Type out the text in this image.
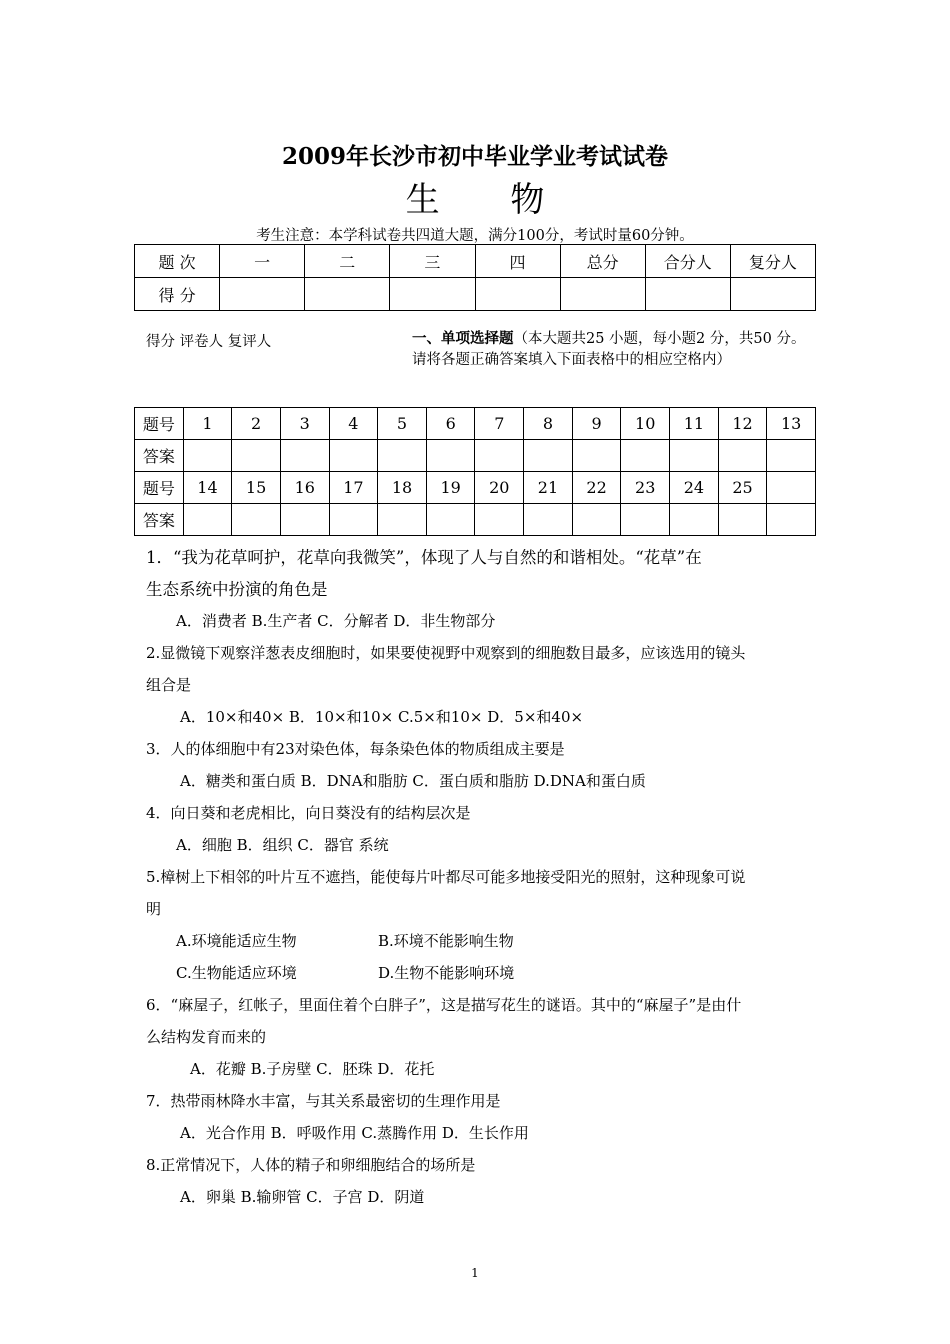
2009年长沙市初中毕业学业考试试卷
生 物
考生注意：本学科试卷共四道大题，满分100分，考试时量60分钟。
题 次	一	二	三	四	总分	合分人	复分人
得 分							
得分 评卷人 复评人	一、单项选择题（本大题共25 小题，每小题2 分，共50 分。
请将各题正确答案填入下面表格中的相应空格内）
题号	1	2	3	4	5	6	7	8	9	10	11	12	13
答案													
题号	14	15	16	17	18	19	20	21	22	23	24	25	
答案													
1．“我为花草呵护，花草向我微笑”，体现了人与自然的和谐相处。“花草”在
生态系统中扮演的角色是
A．消费者 B.生产者 C．分解者 D．非生物部分
2.显微镜下观察洋葱表皮细胞时，如果要使视野中观察到的细胞数目最多，应该选用的镜头
组合是
A．10×和40× B．10×和10× C.5×和10× D．5×和40×
3．人的体细胞中有23对染色体，每条染色体的物质组成主要是
A．糖类和蛋白质 B．DNA和脂肪 C．蛋白质和脂肪 D.DNA和蛋白质
4．向日葵和老虎相比，向日葵没有的结构层次是
A．细胞 B．组织 C．器官 系统
5.樟树上下相邻的叶片互不遮挡，能使每片叶都尽可能多地接受阳光的照射，这种现象可说
明
A.环境能适应生物	B.环境不能影响生物
C.生物能适应环境	D.生物不能影响环境
6．“麻屋子，红帐子，里面住着个白胖子”，这是描写花生的谜语。其中的“麻屋子”是由什
么结构发育而来的
A．花瓣 B.子房壁 C．胚珠 D．花托
7．热带雨林降水丰富，与其关系最密切的生理作用是
A．光合作用 B．呼吸作用 C.蒸腾作用 D．生长作用
8.正常情况下，人体的精子和卵细胞结合的场所是
A．卵巢 B.输卵管 C．子宫 D．阴道
1
